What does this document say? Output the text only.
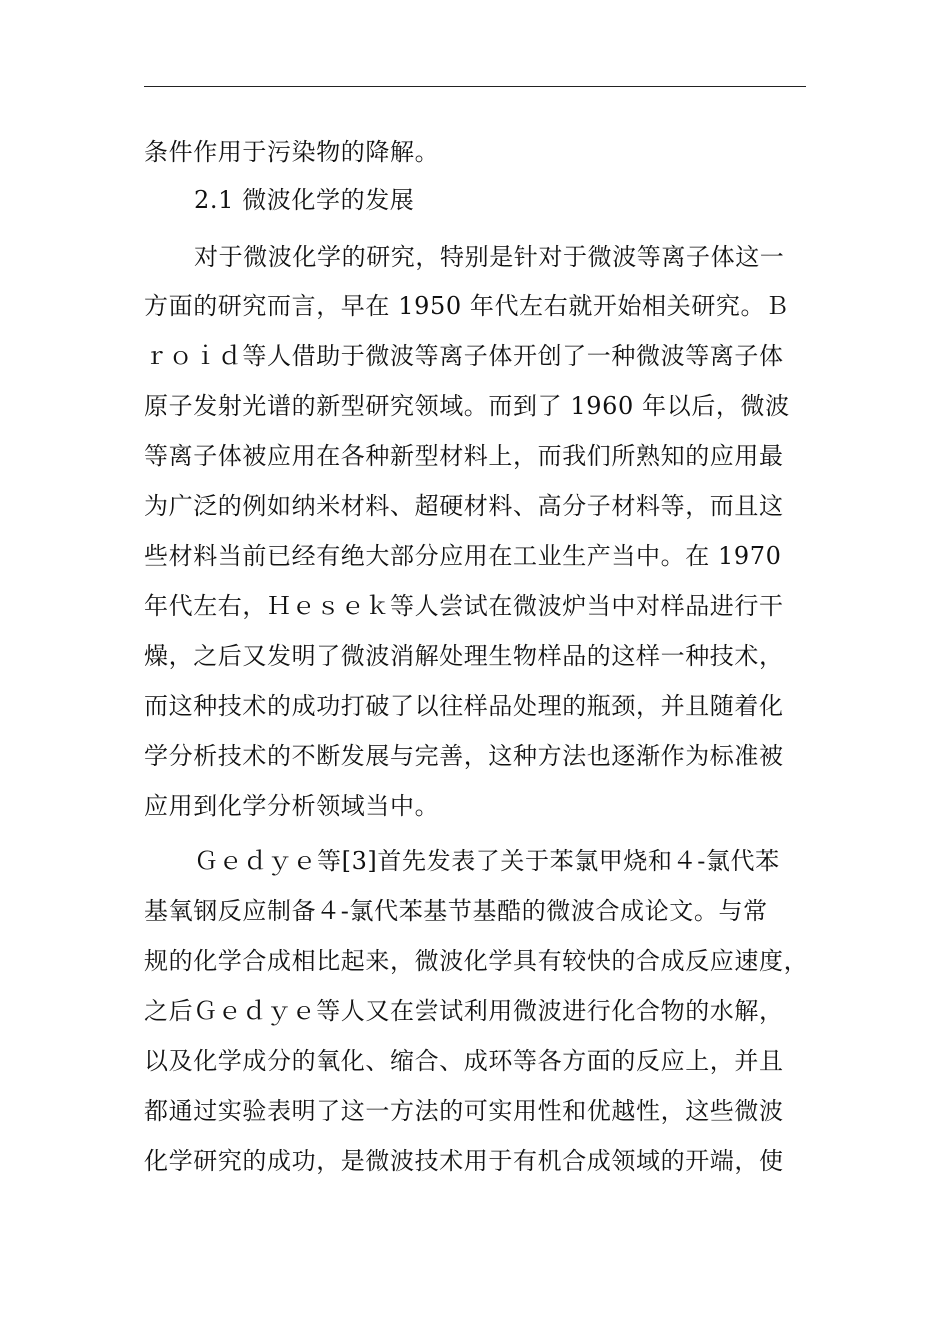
条件作用于污染物的降解。
2.1 微波化学的发展
对于微波化学的研究，特别是针对于微波等离子体这一
方面的研究而言，早在 1950 年代左右就开始相关研究。Ｂ
ｒｏｉｄ等人借助于微波等离子体开创了一种微波等离子体
原子发射光谱的新型研究领域。而到了 1960 年以后，微波
等离子体被应用在各种新型材料上，而我们所熟知的应用最
为广泛的例如纳米材料、超硬材料、高分子材料等，而且这
些材料当前已经有绝大部分应用在工业生产当中。在 1970
年代左右，Ｈｅｓｅｋ等人尝试在微波炉当中对样品进行干
燥，之后又发明了微波消解处理生物样品的这样一种技术，
而这种技术的成功打破了以往样品处理的瓶颈，并且随着化
学分析技术的不断发展与完善，这种方法也逐渐作为标准被
应用到化学分析领域当中。
Ｇｅｄｙｅ等[3]首先发表了关于苯氯甲烧和４-氯代苯
基氧钢反应制备４-氯代苯基节基酷的微波合成论文。与常
规的化学合成相比起来，微波化学具有较快的合成反应速度，
之后Ｇｅｄｙｅ等人又在尝试利用微波进行化合物的水解，
以及化学成分的氧化、缩合、成环等各方面的反应上，并且
都通过实验表明了这一方法的可实用性和优越性，这些微波
化学研究的成功，是微波技术用于有机合成领域的开端，使
